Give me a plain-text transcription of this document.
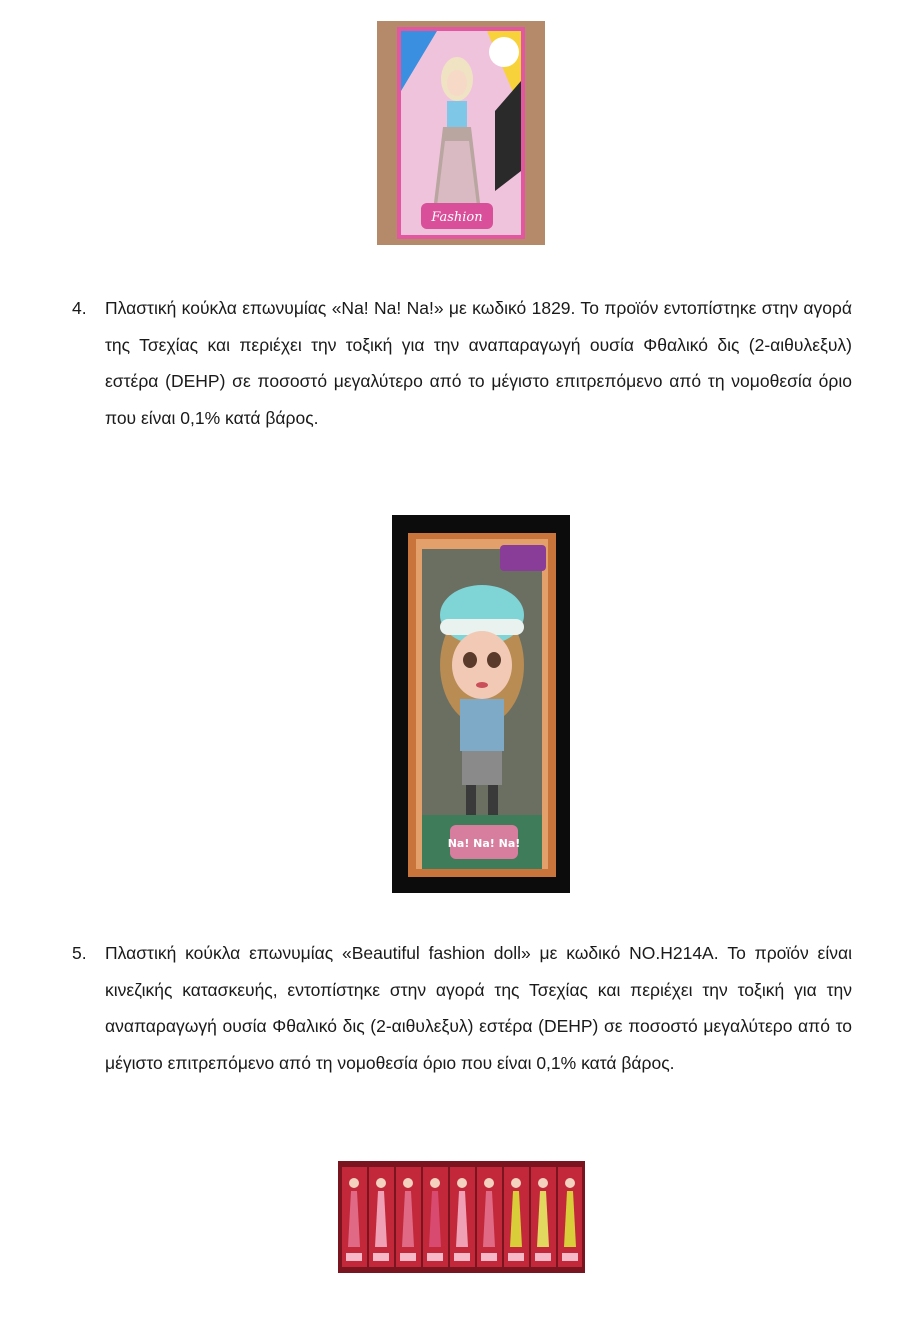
Fashion
4.	Πλαστική κούκλα επωνυμίας «Na! Na! Na!» με κωδικό 1829. Το προϊόν εντοπίστηκε στην αγορά της Τσεχίας και περιέχει την τοξική για την αναπαραγωγή ουσία Φθαλικό δις (2-αιθυλεξυλ) εστέρα (DEHP) σε ποσοστό μεγαλύτερο από το μέγιστο επιτρεπόμενο από τη νομοθεσία όριο που είναι 0,1% κατά βάρος.
Na! Na! Na!
5.	Πλαστική κούκλα επωνυμίας «Beautiful fashion doll» με κωδικό NO.H214A. Το προϊόν είναι κινεζικής κατασκευής, εντοπίστηκε στην αγορά της Τσεχίας και περιέχει την τοξική για την αναπαραγωγή ουσία Φθαλικό δις (2-αιθυλεξυλ) εστέρα (DEHP) σε ποσοστό μεγαλύτερο από το μέγιστο επιτρεπόμενο από τη νομοθεσία όριο που είναι 0,1% κατά βάρος.
